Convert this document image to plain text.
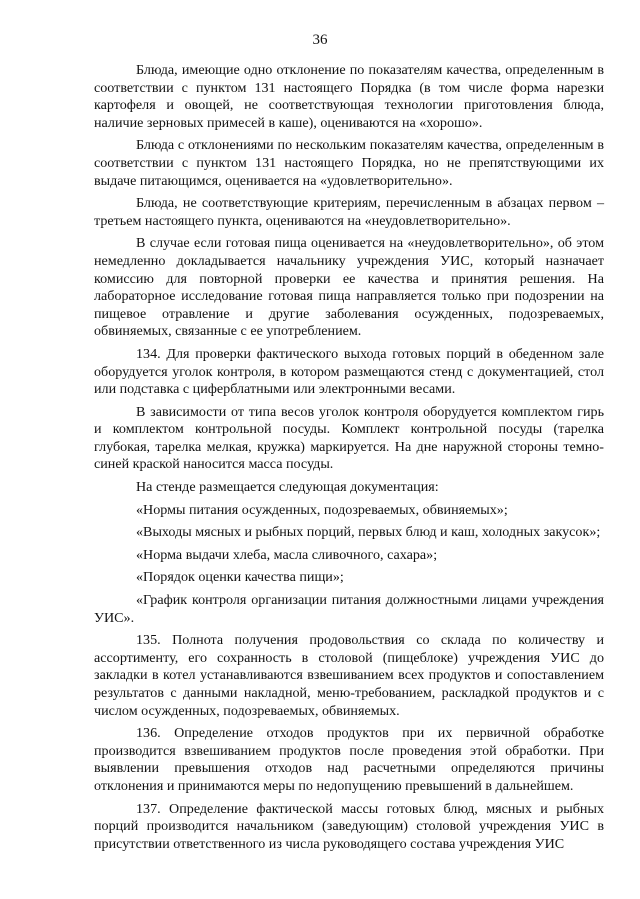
36

Блюда, имеющие одно отклонение по показателям качества, определенным в соответствии с пунктом 131 настоящего Порядка (в том числе форма нарезки картофеля и овощей, не соответствующая технологии приготовления блюда, наличие зерновых примесей в каше), оцениваются на «хорошо».

Блюда с отклонениями по нескольким показателям качества, определенным в соответствии с пунктом 131 настоящего Порядка, но не препятствующими их выдаче питающимся, оценивается на «удовлетворительно».

Блюда, не соответствующие критериям, перечисленным в абзацах первом – третьем настоящего пункта, оцениваются на «неудовлетворительно».

В случае если готовая пища оценивается на «неудовлетворительно», об этом немедленно докладывается начальнику учреждения УИС, который назначает комиссию для повторной проверки ее качества и принятия решения. На лабораторное исследование готовая пища направляется только при подозрении на пищевое отравление и другие заболевания осужденных, подозреваемых, обвиняемых, связанные с ее употреблением.

134. Для проверки фактического выхода готовых порций в обеденном зале оборудуется уголок контроля, в котором размещаются стенд с документацией, стол или подставка с циферблатными или электронными весами.

В зависимости от типа весов уголок контроля оборудуется комплектом гирь и комплектом контрольной посуды. Комплект контрольной посуды (тарелка глубокая, тарелка мелкая, кружка) маркируется. На дне наружной стороны темно-синей краской наносится масса посуды.

На стенде размещается следующая документация:

«Нормы питания осужденных, подозреваемых, обвиняемых»;

«Выходы мясных и рыбных порций, первых блюд и каш, холодных закусок»;

«Норма выдачи хлеба, масла сливочного, сахара»;

«Порядок оценки качества пищи»;

«График контроля организации питания должностными лицами учреждения УИС».

135. Полнота получения продовольствия со склада по количеству и ассортименту, его сохранность в столовой (пищеблоке) учреждения УИС до закладки в котел устанавливаются взвешиванием всех продуктов и сопоставлением результатов с данными накладной, меню-требованием, раскладкой продуктов и с числом осужденных, подозреваемых, обвиняемых.

136. Определение отходов продуктов при их первичной обработке производится взвешиванием продуктов после проведения этой обработки. При выявлении превышения отходов над расчетными определяются причины отклонения и принимаются меры по недопущению превышений в дальнейшем.

137. Определение фактической массы готовых блюд, мясных и рыбных порций производится начальником (заведующим) столовой учреждения УИС в присутствии ответственного из числа руководящего состава учреждения УИС
